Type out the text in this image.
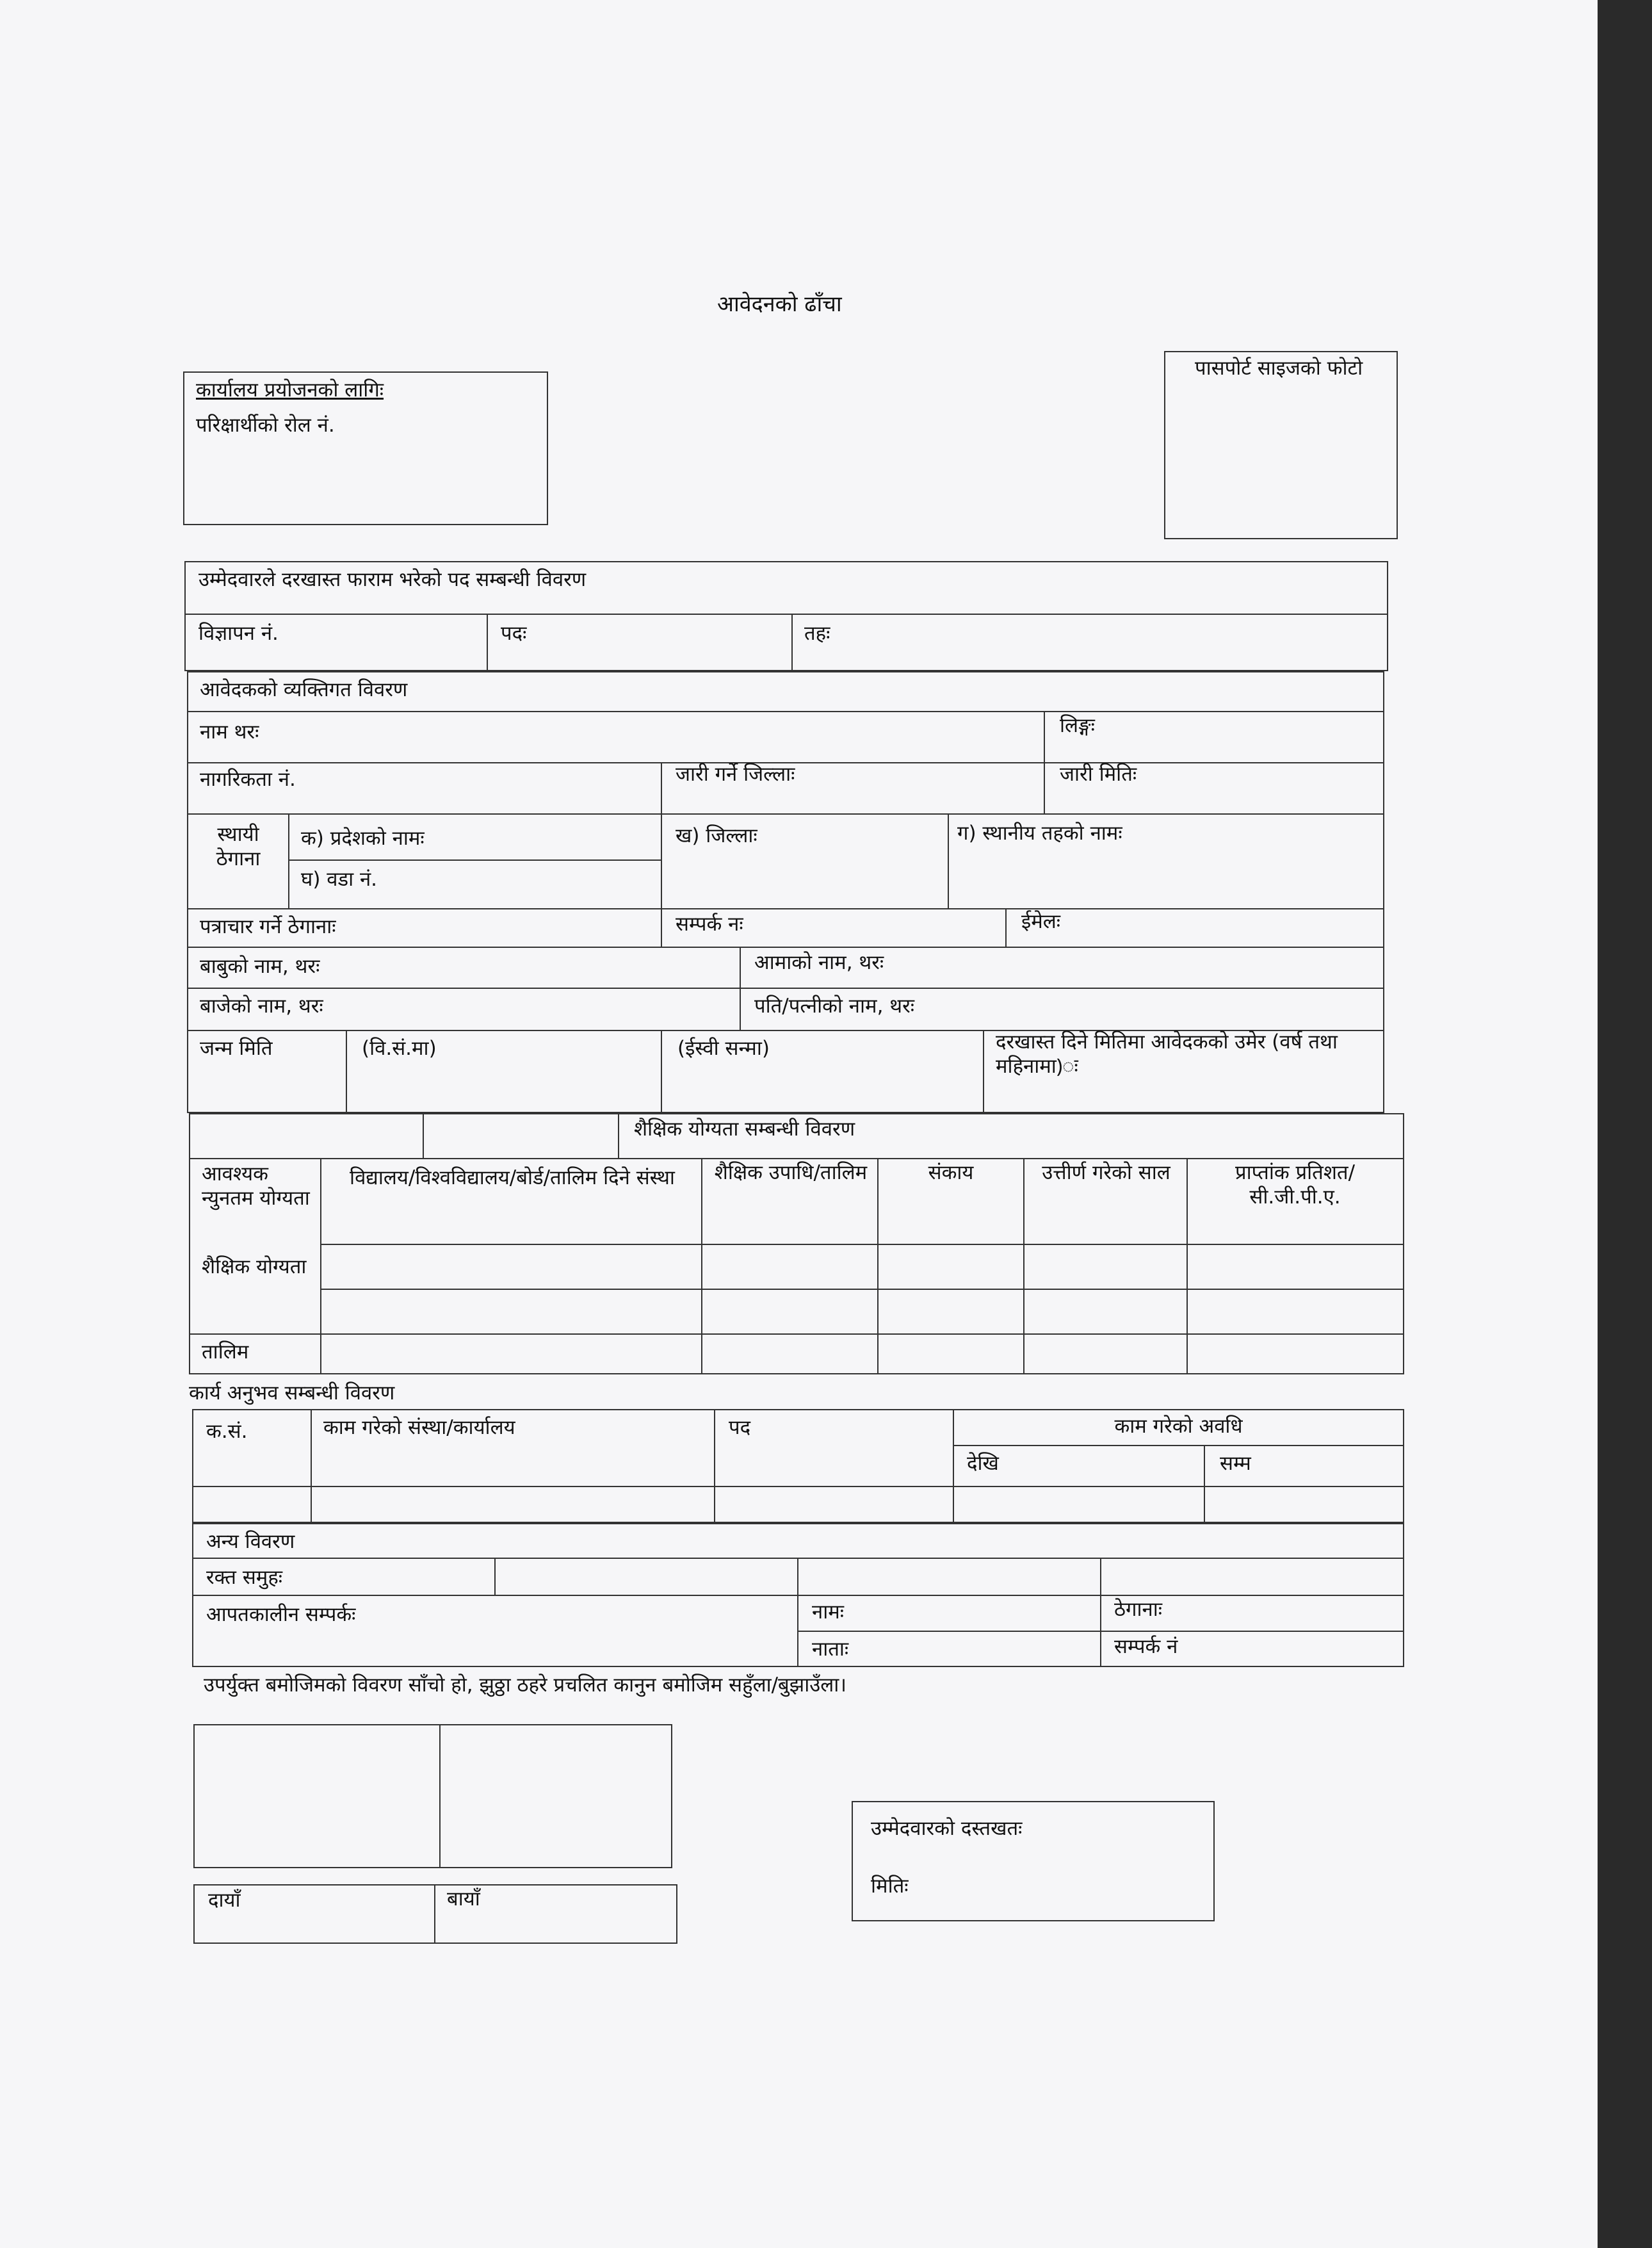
आवेदनको ढाँचा
कार्यालय प्रयोजनको लागिः
परिक्षार्थीको रोल नं.
पासपोर्ट साइजको फोटो
उम्मेदवारले दरखास्त फाराम भरेको पद सम्बन्धी विवरण
विज्ञापन नं.	पदः	तहः
आवेदकको व्यक्तिगत विवरण
नाम थरः	लिङ्गः
नागरिकता नं.	जारी गर्ने जिल्लाः	जारी मितिः
स्थायी ठेगाना
क) प्रदेशको नामः
घ) वडा नं.
ख) जिल्लाः	ग) स्थानीय तहको नामः
पत्राचार गर्ने ठेगानाः	सम्पर्क नः	ईमेलः
बाबुको नाम, थरः	आमाको नाम, थरः
बाजेको नाम, थरः	पति/पत्नीको नाम, थरः
जन्म मिति	(वि.सं.मा)	(ईस्वी सन्मा)	दरखास्त दिने मितिमा आवेदकको उमेर (वर्ष तथा महिनामा)ः
शैक्षिक योग्यता सम्बन्धी विवरण
आवश्यक न्युनतम योग्यता
विद्यालय/विश्वविद्यालय/बोर्ड/तालिम दिने संस्था	शैक्षिक उपाधि/तालिम	संकाय	उत्तीर्ण गरेको साल	प्राप्तांक प्रतिशत/सी.जी.पी.ए.
शैक्षिक योग्यता
तालिम
कार्य अनुभव सम्बन्धी विवरण
क.सं.	काम गरेको संस्था/कार्यालय	पद	काम गरेको अवधि
देखि	सम्म
अन्य विवरण
रक्त समुहः
आपतकालीन सम्पर्कः	नामः	ठेगानाः
नाताः	सम्पर्क नं
उपर्युक्त बमोजिमको विवरण साँचो हो, झुठ्ठा ठहरे प्रचलित कानुन बमोजिम सहुँला/बुझाउँला।
दायाँ	बायाँ
उम्मेदवारको दस्तखतः
मितिः
